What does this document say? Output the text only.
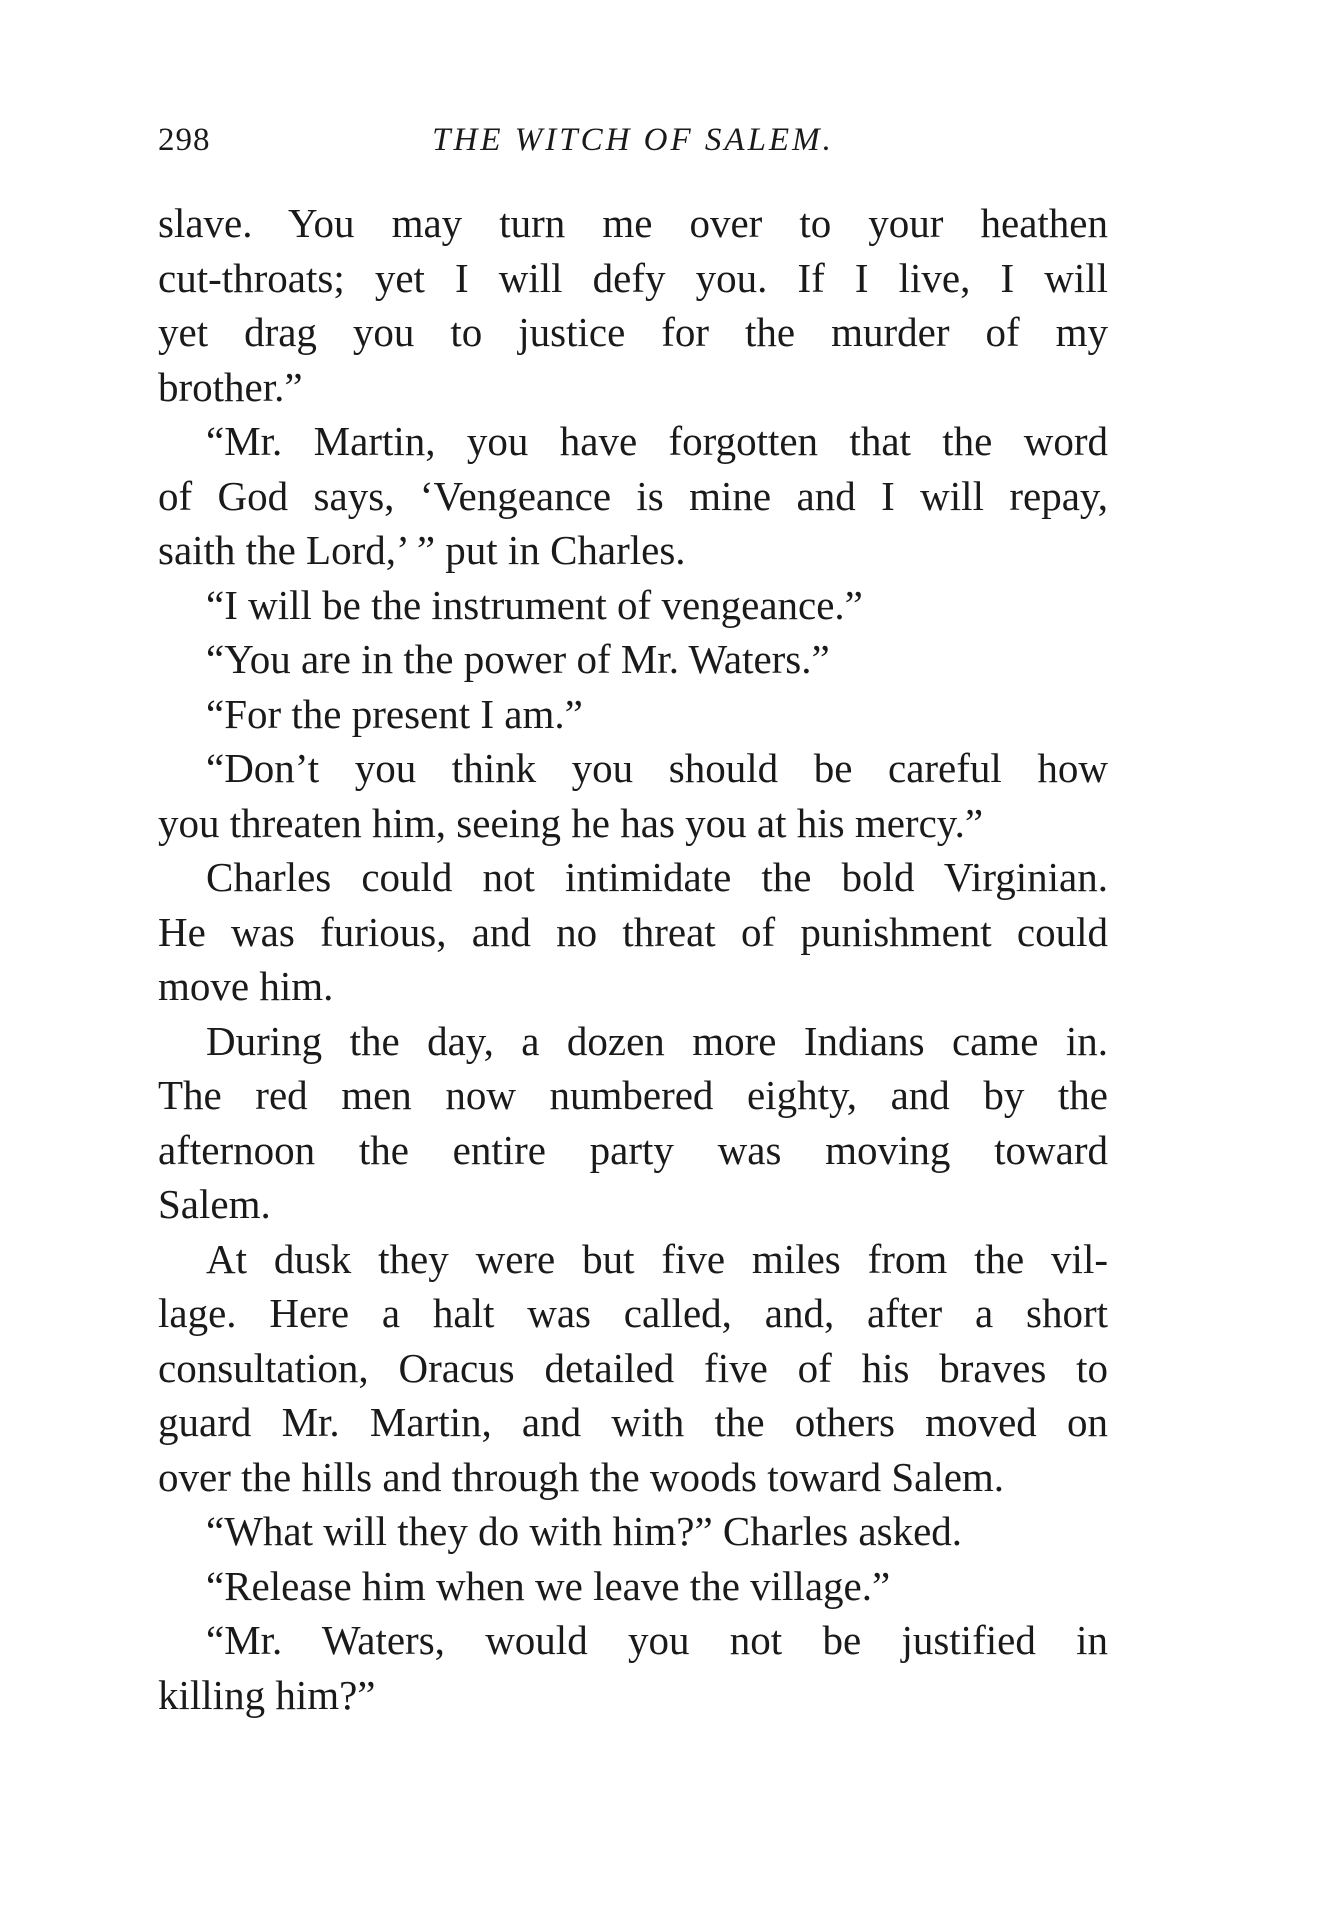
298	THE WITCH OF SALEM.
slave. You may turn me over to your heathen
cut-throats; yet I will defy you. If I live, I will
yet drag you to justice for the murder of my
brother.”
“Mr. Martin, you have forgotten that the word
of God says, ‘Vengeance is mine and I will repay,
saith the Lord,’ ” put in Charles.
“I will be the instrument of vengeance.”
“You are in the power of Mr. Waters.”
“For the present I am.”
“Don’t you think you should be careful how
you threaten him, seeing he has you at his mercy.”
Charles could not intimidate the bold Virginian.
He was furious, and no threat of punishment could
move him.
During the day, a dozen more Indians came in.
The red men now numbered eighty, and by the
afternoon the entire party was moving toward
Salem.
At dusk they were but five miles from the vil-
lage. Here a halt was called, and, after a short
consultation, Oracus detailed five of his braves to
guard Mr. Martin, and with the others moved on
over the hills and through the woods toward Salem.
“What will they do with him?” Charles asked.
“Release him when we leave the village.”
“Mr. Waters, would you not be justified in
killing him?”
